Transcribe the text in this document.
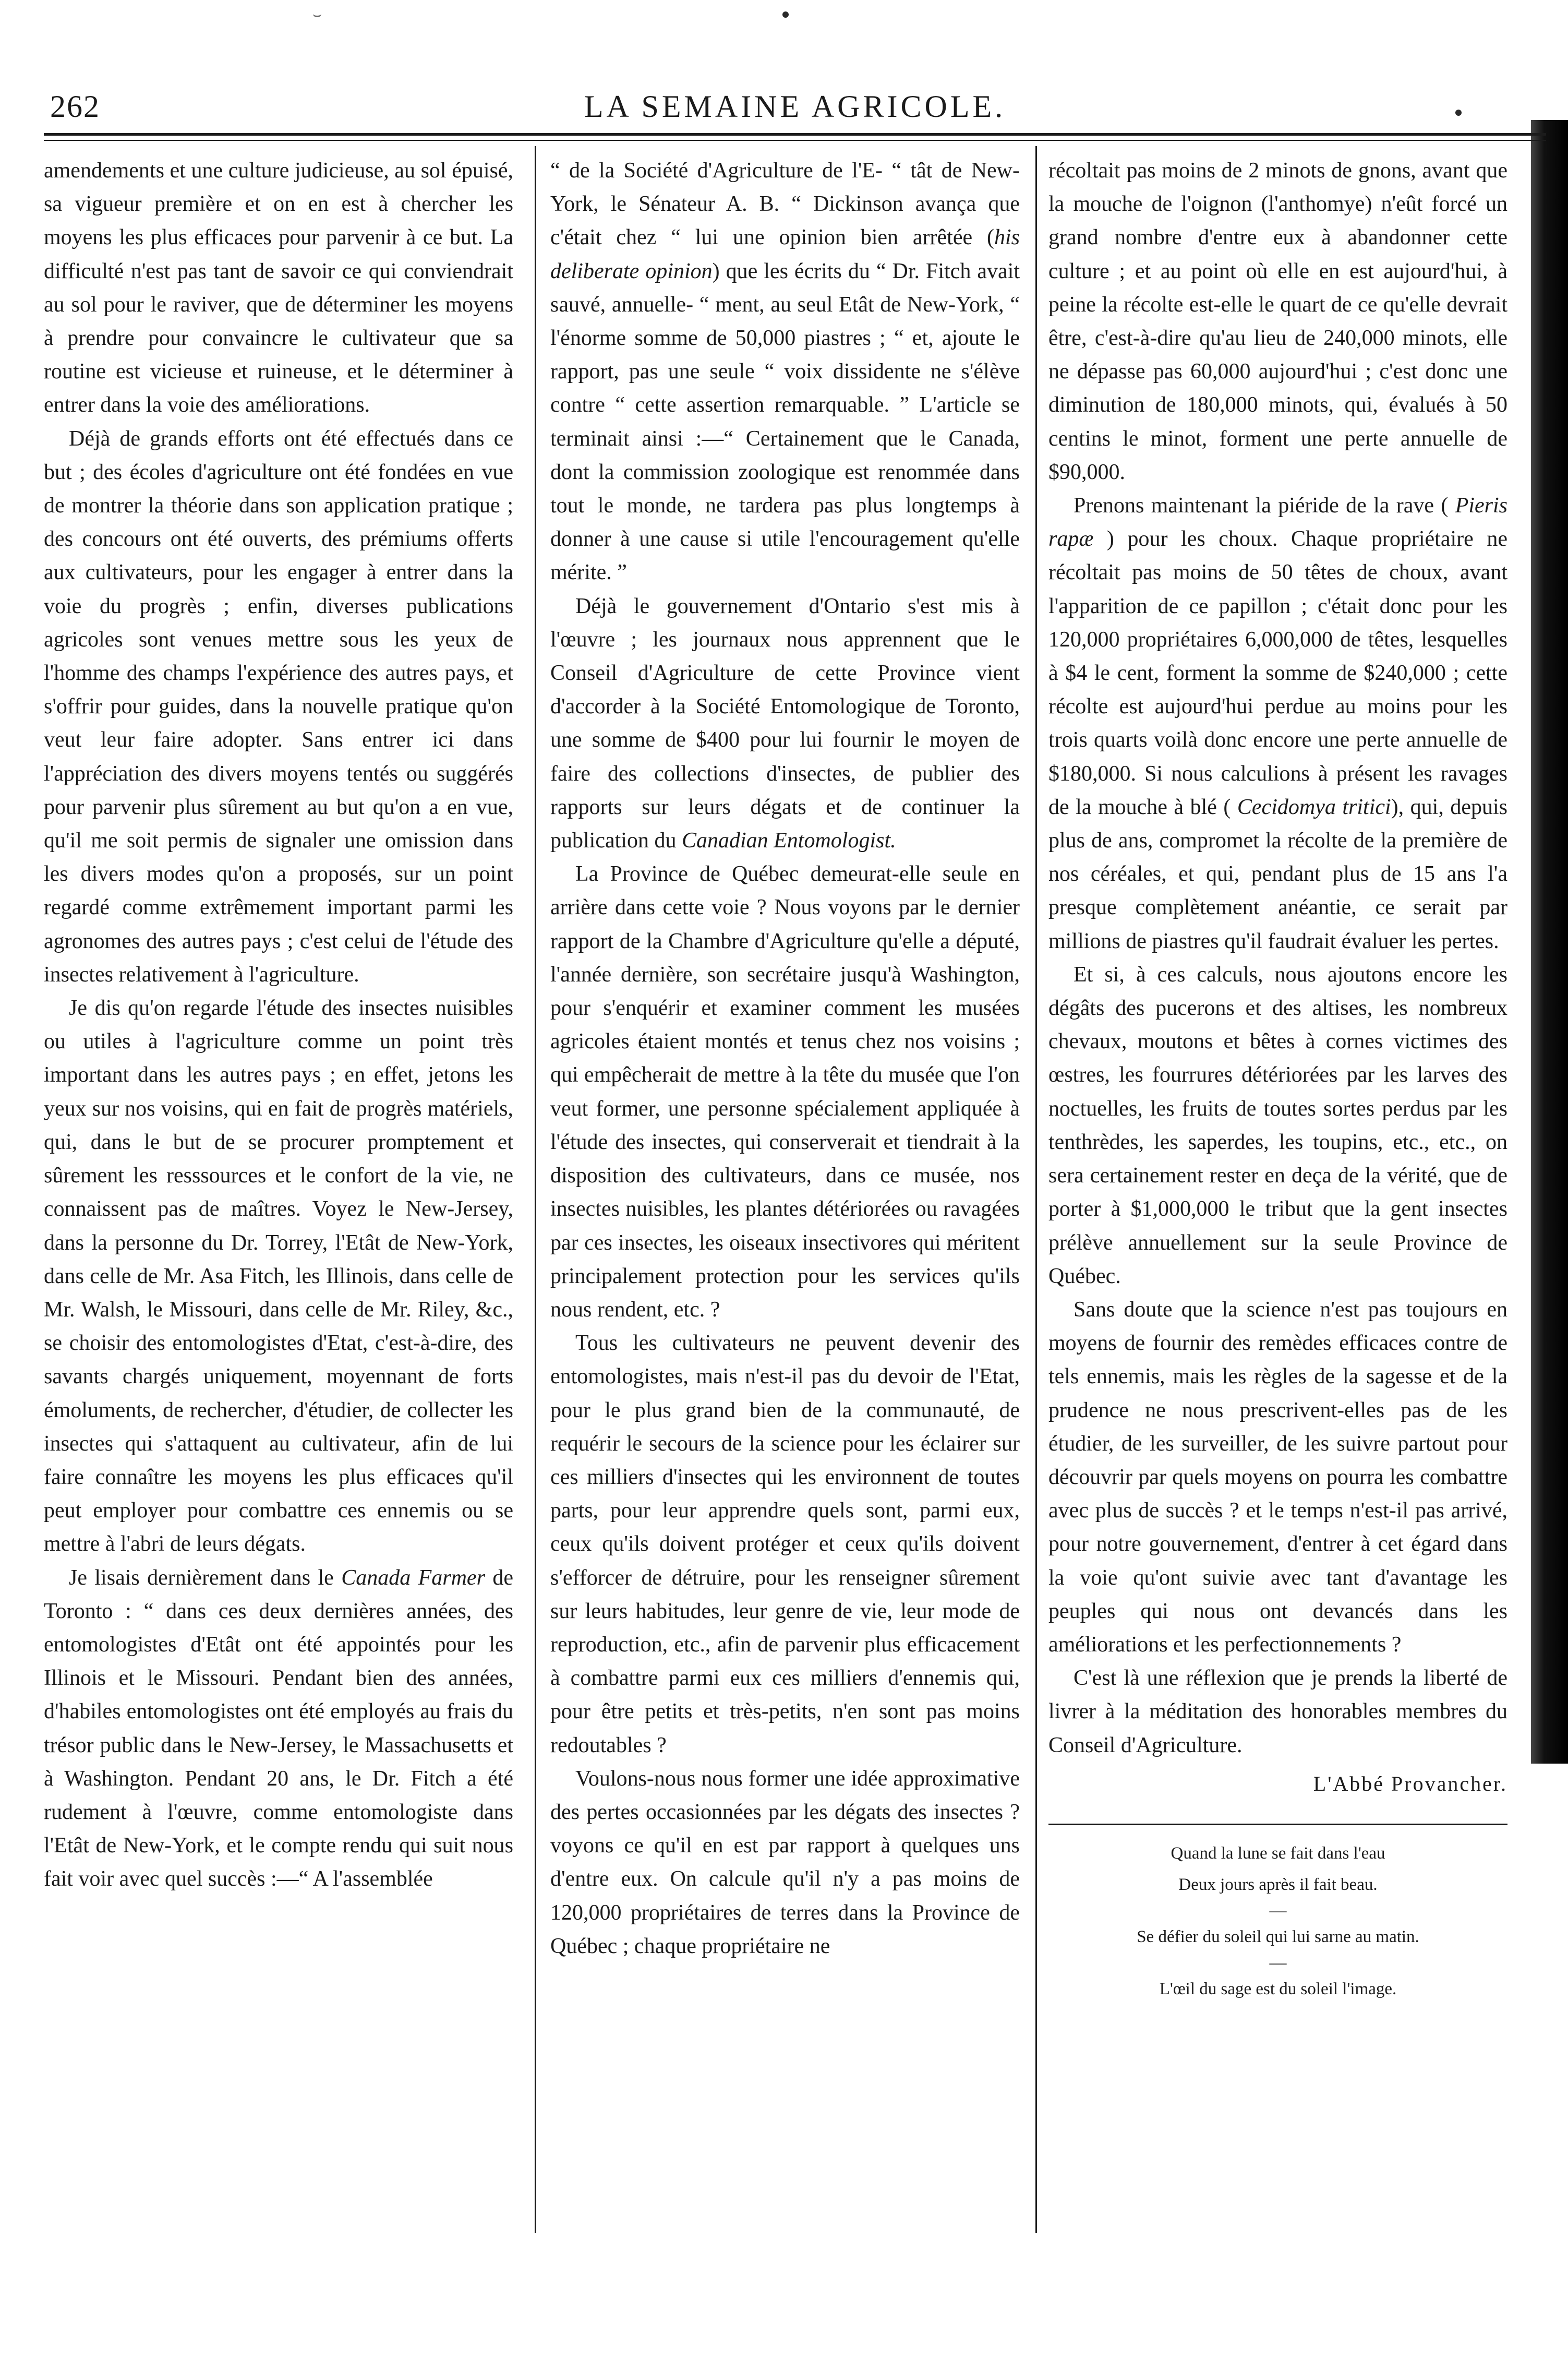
262	LA SEMAINE AGRICOLE.

amendements et une culture judicieuse, au sol épuisé, sa vigueur première et on en est à chercher les moyens les plus efficaces pour parvenir à ce but. La difficulté n'est pas tant de savoir ce qui conviendrait au sol pour le raviver, que de déterminer les moyens à prendre pour convaincre le cultivateur que sa routine est vicieuse et ruineuse, et le déterminer à entrer dans la voie des améliorations.

Déjà de grands efforts ont été effectués dans ce but ; des écoles d'agriculture ont été fondées en vue de montrer la théorie dans son application pratique ; des concours ont été ouverts, des prémiums offerts aux cultivateurs, pour les engager à entrer dans la voie du progrès ; enfin, diverses publications agricoles sont venues mettre sous les yeux de l'homme des champs l'expérience des autres pays, et s'offrir pour guides, dans la nouvelle pratique qu'on veut leur faire adopter. Sans entrer ici dans l'appréciation des divers moyens tentés ou suggérés pour parvenir plus sûrement au but qu'on a en vue, qu'il me soit permis de signaler une omission dans les divers modes qu'on a proposés, sur un point regardé comme extrêmement important parmi les agronomes des autres pays ; c'est celui de l'étude des insectes relativement à l'agriculture.

Je dis qu'on regarde l'étude des insectes nuisibles ou utiles à l'agriculture comme un point très important dans les autres pays ; en effet, jetons les yeux sur nos voisins, qui en fait de progrès matériels, qui, dans le but de se procurer promptement et sûrement les resssources et le confort de la vie, ne connaissent pas de maîtres. Voyez le New-Jersey, dans la personne du Dr. Torrey, l'Etât de New-York, dans celle de Mr. Asa Fitch, les Illinois, dans celle de Mr. Walsh, le Missouri, dans celle de Mr. Riley, &c., se choisir des entomologistes d'Etat, c'est-à-dire, des savants chargés uniquement, moyennant de forts émoluments, de rechercher, d'étudier, de collecter les insectes qui s'attaquent au cultivateur, afin de lui faire connaître les moyens les plus efficaces qu'il peut employer pour combattre ces ennemis ou se mettre à l'abri de leurs dégats.

Je lisais dernièrement dans le Canada Farmer de Toronto : “ dans ces deux dernières années, des entomologistes d'Etât ont été appointés pour les Illinois et le Missouri. Pendant bien des années, d'habiles entomologistes ont été employés au frais du trésor public dans le New-Jersey, le Massachusetts et à Washington. Pendant 20 ans, le Dr. Fitch a été rudement à l'œuvre, comme entomologiste dans l'Etât de New-York, et le compte rendu qui suit nous fait voir avec quel succès :—“ A l'assemblée

“ de la Société d'Agriculture de l'E- “ tât de New-York, le Sénateur A. B. “ Dickinson avança que c'était chez “ lui une opinion bien arrêtée (his deliberate opinion) que les écrits du “ Dr. Fitch avait sauvé, annuelle- “ ment, au seul Etât de New-York, “ l'énorme somme de 50,000 piastres ; “ et, ajoute le rapport, pas une seule “ voix dissidente ne s'élève contre “ cette assertion remarquable. ” L'article se terminait ainsi :—“ Certainement que le Canada, dont la commission zoologique est renommée dans tout le monde, ne tardera pas plus longtemps à donner à une cause si utile l'encouragement qu'elle mérite. ”

Déjà le gouvernement d'Ontario s'est mis à l'œuvre ; les journaux nous apprennent que le Conseil d'Agriculture de cette Province vient d'accorder à la Société Entomologique de Toronto, une somme de $400 pour lui fournir le moyen de faire des collections d'insectes, de publier des rapports sur leurs dégats et de continuer la publication du Canadian Entomologist.

La Province de Québec demeurat-elle seule en arrière dans cette voie ? Nous voyons par le dernier rapport de la Chambre d'Agriculture qu'elle a député, l'année dernière, son secrétaire jusqu'à Washington, pour s'enquérir et examiner comment les musées agricoles étaient montés et tenus chez nos voisins ; qui empêcherait de mettre à la tête du musée que l'on veut former, une personne spécialement appliquée à l'étude des insectes, qui conserverait et tiendrait à la disposition des cultivateurs, dans ce musée, nos insectes nuisibles, les plantes détériorées ou ravagées par ces insectes, les oiseaux insectivores qui méritent principalement protection pour les services qu'ils nous rendent, etc. ?

Tous les cultivateurs ne peuvent devenir des entomologistes, mais n'est-il pas du devoir de l'Etat, pour le plus grand bien de la communauté, de requérir le secours de la science pour les éclairer sur ces milliers d'insectes qui les environnent de toutes parts, pour leur apprendre quels sont, parmi eux, ceux qu'ils doivent protéger et ceux qu'ils doivent s'efforcer de détruire, pour les renseigner sûrement sur leurs habitudes, leur genre de vie, leur mode de reproduction, etc., afin de parvenir plus efficacement à combattre parmi eux ces milliers d'ennemis qui, pour être petits et très-petits, n'en sont pas moins redoutables ?

Voulons-nous nous former une idée approximative des pertes occasionnées par les dégats des insectes ? voyons ce qu'il en est par rapport à quelques uns d'entre eux. On calcule qu'il n'y a pas moins de 120,000 propriétaires de terres dans la Province de Québec ; chaque propriétaire ne

récoltait pas moins de 2 minots de gnons, avant que la mouche de l'oignon (l'anthomye) n'eût forcé un grand nombre d'entre eux à abandonner cette culture ; et au point où elle en est aujourd'hui, à peine la récolte est-elle le quart de ce qu'elle devrait être, c'est-à-dire qu'au lieu de 240,000 minots, elle ne dépasse pas 60,000 aujourd'hui ; c'est donc une diminution de 180,000 minots, qui, évalués à 50 centins le minot, forment une perte annuelle de $90,000.

Prenons maintenant la piéride de la rave ( Pieris rapæ ) pour les choux. Chaque propriétaire ne récoltait pas moins de 50 têtes de choux, avant l'apparition de ce papillon ; c'était donc pour les 120,000 propriétaires 6,000,000 de têtes, lesquelles à $4 le cent, forment la somme de $240,000 ; cette récolte est aujourd'hui perdue au moins pour les trois quarts voilà donc encore une perte annuelle de $180,000. Si nous calculions à présent les ravages de la mouche à blé ( Cecidomya tritici), qui, depuis plus de ans, compromet la récolte de la première de nos céréales, et qui, pendant plus de 15 ans l'a presque complètement anéantie, ce serait par millions de piastres qu'il faudrait évaluer les pertes.

Et si, à ces calculs, nous ajoutons encore les dégâts des pucerons et des altises, les nombreux chevaux, moutons et bêtes à cornes victimes des œstres, les fourrures détériorées par les larves des noctuelles, les fruits de toutes sortes perdus par les tenthrèdes, les saperdes, les toupins, etc., etc., on sera certainement rester en deça de la vérité, que de porter à $1,000,000 le tribut que la gent insectes prélève annuellement sur la seule Province de Québec.

Sans doute que la science n'est pas toujours en moyens de fournir des remèdes efficaces contre de tels ennemis, mais les règles de la sagesse et de la prudence ne nous prescrivent-elles pas de les étudier, de les surveiller, de les suivre partout pour découvrir par quels moyens on pourra les combattre avec plus de succès ? et le temps n'est-il pas arrivé, pour notre gouvernement, d'entrer à cet égard dans la voie qu'ont suivie avec tant d'avantage les peuples qui nous ont devancés dans les améliorations et les perfectionnements ?

C'est là une réflexion que je prends la liberté de livrer à la méditation des honorables membres du Conseil d'Agriculture.

L'Abbé Provancher.
Quand la lune se fait dans l'eau
Deux jours après il fait beau.
—
Se défier du soleil qui lui sarne au matin.
—
L'œil du sage est du soleil l'image.
